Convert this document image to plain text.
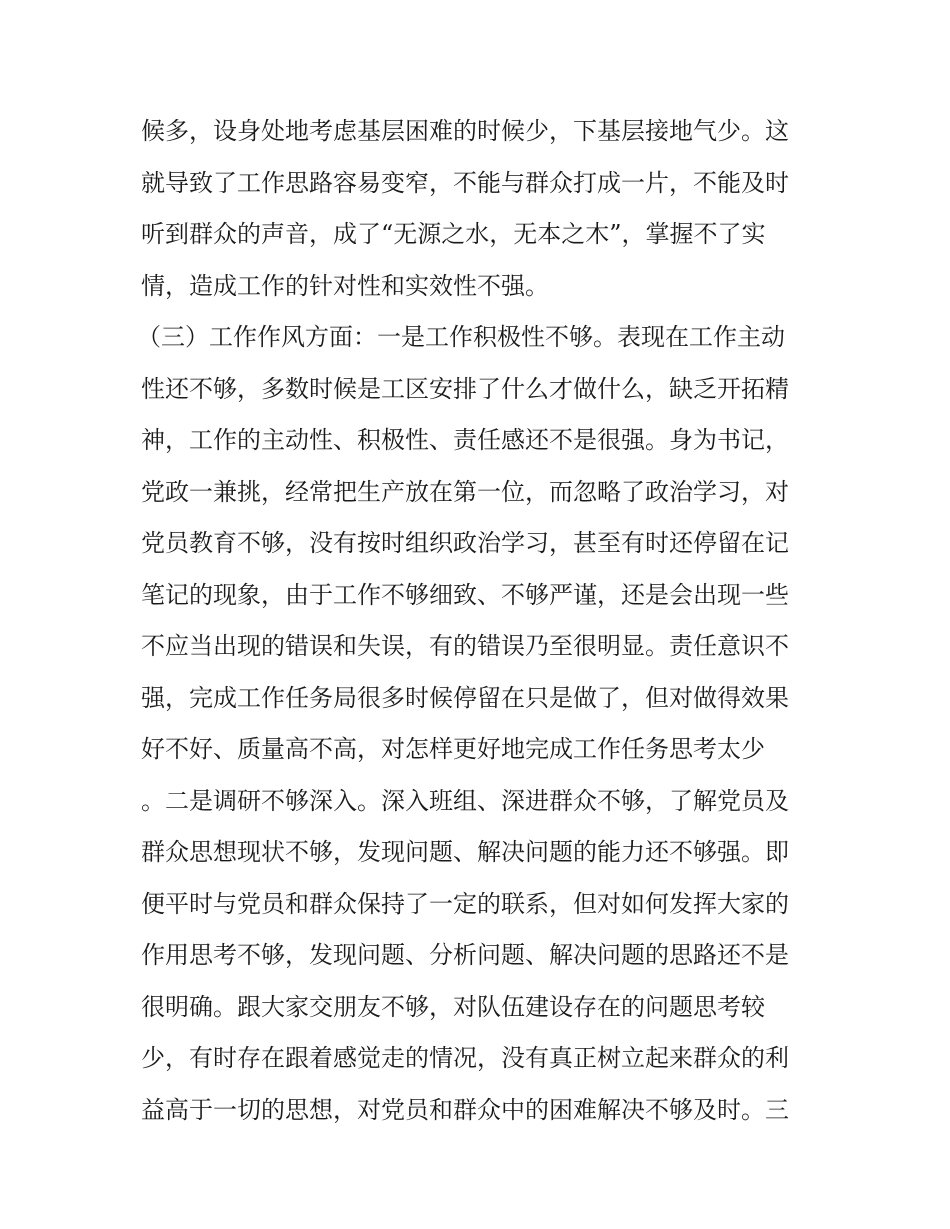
候多，设身处地考虑基层困难的时候少，下基层接地气少。这
就导致了工作思路容易变窄，不能与群众打成一片，不能及时
听到群众的声音，成了“无源之水，无本之木”，掌握不了实
情，造成工作的针对性和实效性不强。
（三）工作作风方面：一是工作积极性不够。表现在工作主动
性还不够，多数时候是工区安排了什么才做什么，缺乏开拓精
神，工作的主动性、积极性、责任感还不是很强。身为书记，
党政一兼挑，经常把生产放在第一位，而忽略了政治学习，对
党员教育不够，没有按时组织政治学习，甚至有时还停留在记
笔记的现象，由于工作不够细致、不够严谨，还是会出现一些
不应当出现的错误和失误，有的错误乃至很明显。责任意识不
强，完成工作任务局很多时候停留在只是做了，但对做得效果
好不好、质量高不高，对怎样更好地完成工作任务思考太少
。二是调研不够深入。深入班组、深进群众不够，了解党员及
群众思想现状不够，发现问题、解决问题的能力还不够强。即
便平时与党员和群众保持了一定的联系，但对如何发挥大家的
作用思考不够，发现问题、分析问题、解决问题的思路还不是
很明确。跟大家交朋友不够，对队伍建设存在的问题思考较
少，有时存在跟着感觉走的情况，没有真正树立起来群众的利
益高于一切的思想，对党员和群众中的困难解决不够及时。三
